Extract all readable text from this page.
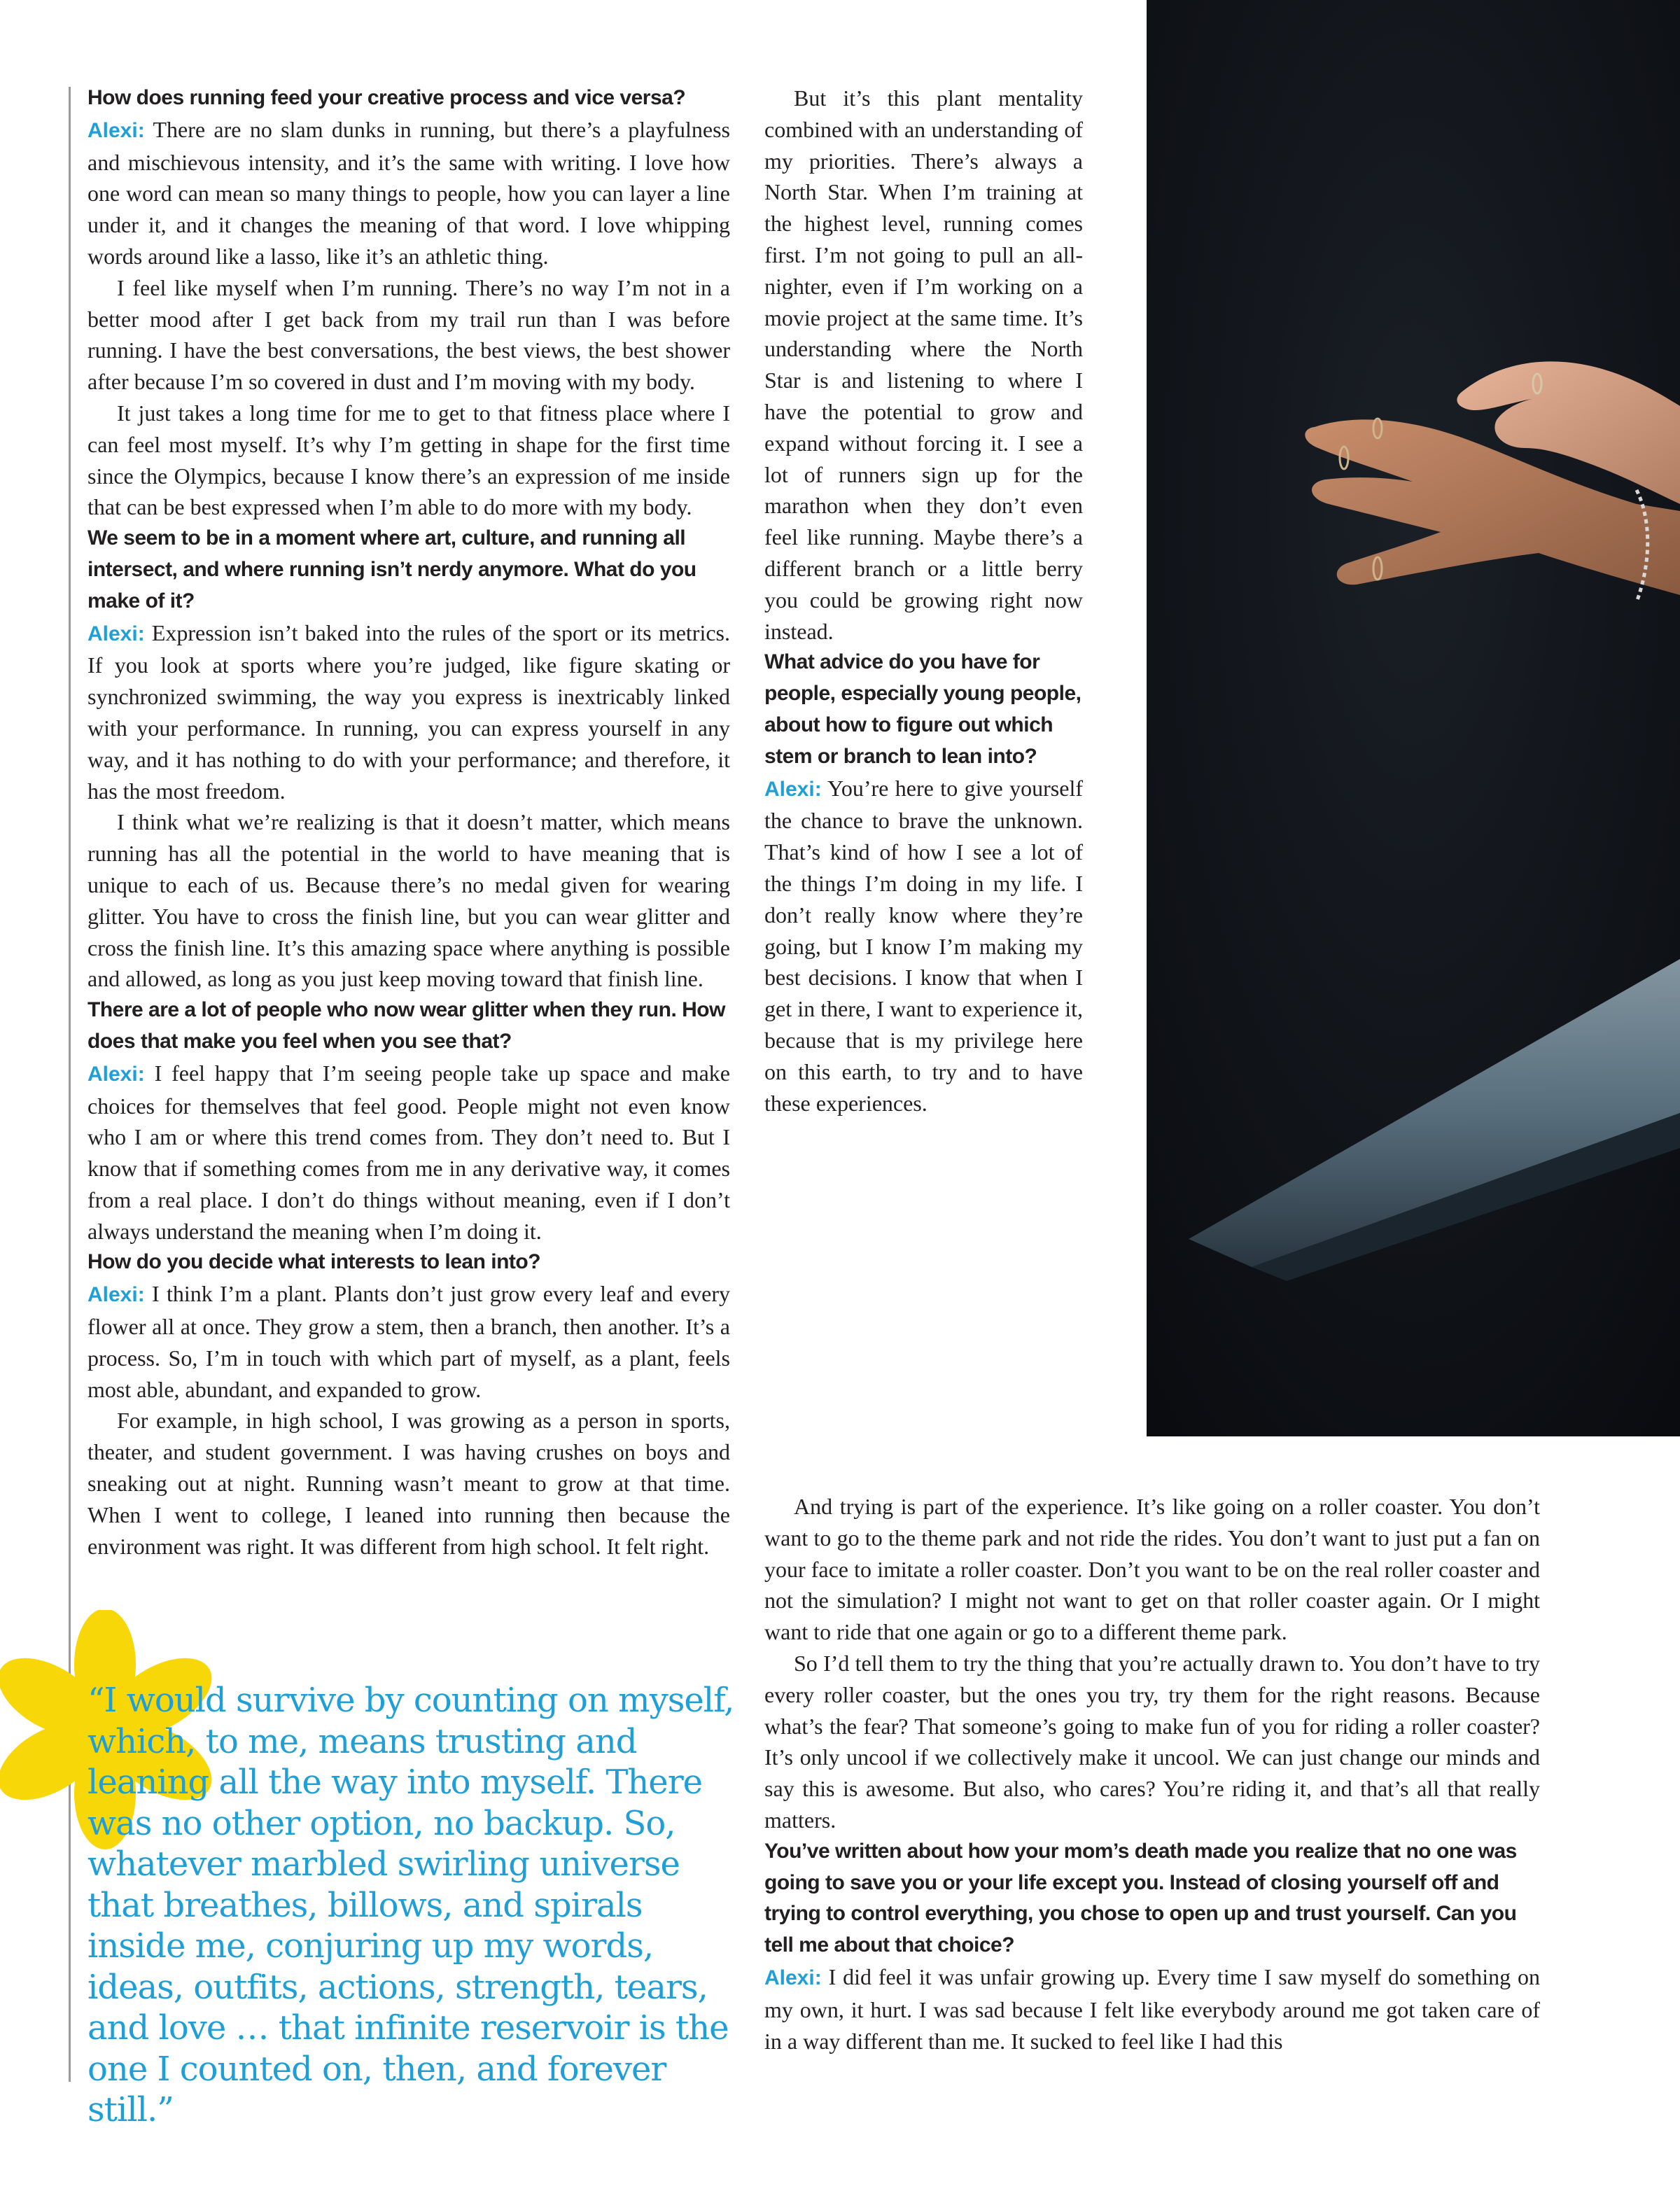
How does running feed your creative process and vice versa?

Alexi: There are no slam dunks in running, but there’s a playfulness and mischievous intensity, and it’s the same with writing. I love how one word can mean so many things to people, how you can layer a line under it, and it changes the meaning of that word. I love whipping words around like a lasso, like it’s an athletic thing.

I feel like myself when I’m running. There’s no way I’m not in a better mood after I get back from my trail run than I was before running. I have the best conversations, the best views, the best shower after because I’m so covered in dust and I’m moving with my body.

It just takes a long time for me to get to that fitness place where I can feel most myself. It’s why I’m getting in shape for the first time since the Olympics, because I know there’s an expression of me inside that can be best expressed when I’m able to do more with my body.

We seem to be in a moment where art, culture, and running all intersect, and where running isn’t nerdy anymore. What do you make of it?

Alexi: Expression isn’t baked into the rules of the sport or its metrics. If you look at sports where you’re judged, like figure skating or synchronized swimming, the way you express is inextricably linked with your performance. In running, you can express yourself in any way, and it has nothing to do with your performance; and therefore, it has the most freedom.

I think what we’re realizing is that it doesn’t matter, which means running has all the potential in the world to have meaning that is unique to each of us. Because there’s no medal given for wearing glitter. You have to cross the finish line, but you can wear glitter and cross the finish line. It’s this amazing space where anything is possible and allowed, as long as you just keep moving toward that finish line.

There are a lot of people who now wear glitter when they run. How does that make you feel when you see that?

Alexi: I feel happy that I’m seeing people take up space and make choices for themselves that feel good. People might not even know who I am or where this trend comes from. They don’t need to. But I know that if something comes from me in any derivative way, it comes from a real place. I don’t do things without meaning, even if I don’t always understand the meaning when I’m doing it.

How do you decide what interests to lean into?

Alexi: I think I’m a plant. Plants don’t just grow every leaf and every flower all at once. They grow a stem, then a branch, then another. It’s a process. So, I’m in touch with which part of myself, as a plant, feels most able, abundant, and expanded to grow.

For example, in high school, I was growing as a person in sports, theater, and student government. I was having crushes on boys and sneaking out at night. Running wasn’t meant to grow at that time. When I went to college, I leaned into running then because the environment was right. It was different from high school. It felt right.

But it’s this plant mentality combined with an understanding of my priorities. There’s always a North Star. When I’m training at the highest level, running comes first. I’m not going to pull an all-nighter, even if I’m working on a movie project at the same time. It’s understanding where the North Star is and listening to where I have the potential to grow and expand without forcing it. I see a lot of runners sign up for the marathon when they don’t even feel like running. Maybe there’s a different branch or a little berry you could be growing right now instead.

What advice do you have for people, especially young people, about how to figure out which stem or branch to lean into?

Alexi: You’re here to give yourself the chance to brave the unknown. That’s kind of how I see a lot of the things I’m doing in my life. I don’t really know where they’re going, but I know I’m making my best decisions. I know that when I get in there, I want to experience it, because that is my privilege here on this earth, to try and to have these experiences.

And trying is part of the experience. It’s like going on a roller coaster. You don’t want to go to the theme park and not ride the rides. You don’t want to just put a fan on your face to imitate a roller coaster. Don’t you want to be on the real roller coaster and not the simulation? I might not want to get on that roller coaster again. Or I might want to ride that one again or go to a different theme park.

So I’d tell them to try the thing that you’re actually drawn to. You don’t have to try every roller coaster, but the ones you try, try them for the right reasons. Because what’s the fear? That someone’s going to make fun of you for riding a roller coaster? It’s only uncool if we collectively make it uncool. We can just change our minds and say this is awesome. But also, who cares? You’re riding it, and that’s all that really matters.

You’ve written about how your mom’s death made you realize that no one was going to save you or your life except you. Instead of closing yourself off and trying to control everything, you chose to open up and trust yourself. Can you tell me about that choice?

Alexi: I did feel it was unfair growing up. Every time I saw myself do something on my own, it hurt. I was sad because I felt like everybody around me got taken care of in a way different than me. It sucked to feel like I had this

“I would survive by counting on myself, which, to me, means trusting and leaning all the way into myself. There was no other option, no backup. So, whatever marbled swirling universe that breathes, billows, and spirals inside me, conjuring up my words, ideas, outfits, actions, strength, tears, and love … that infinite reservoir is the one I counted on, then, and forever still.”
